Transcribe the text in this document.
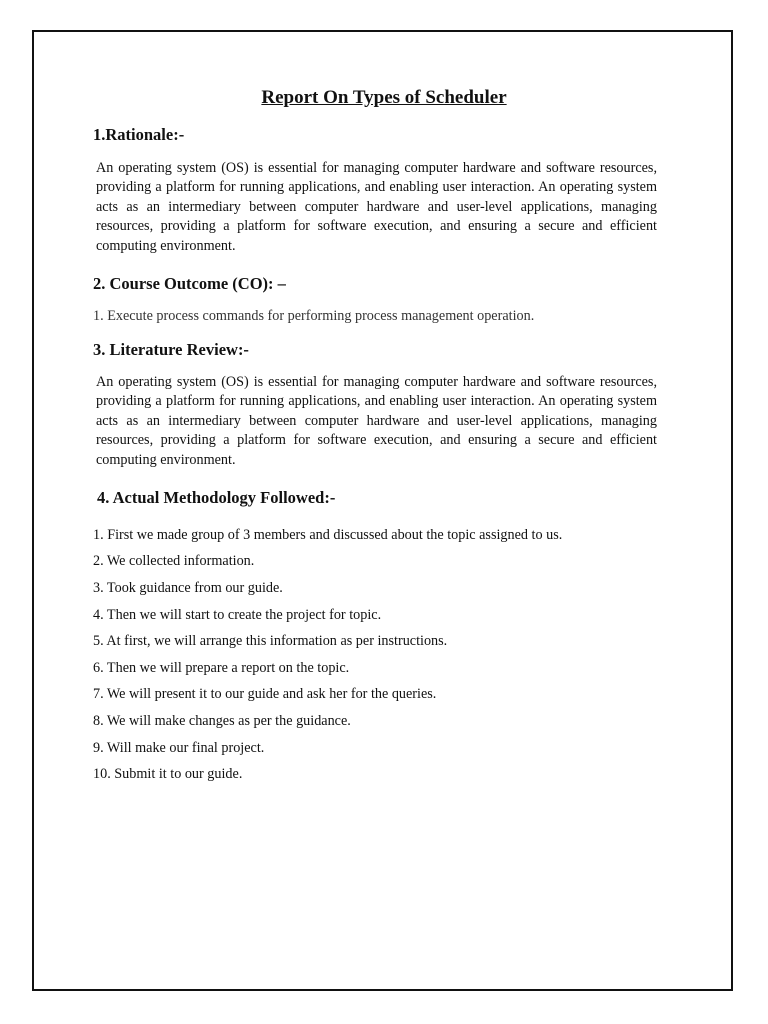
Report On Types of Scheduler
1.Rationale:-
An operating system (OS) is essential for managing computer hardware and software resources, providing a platform for running applications, and enabling user interaction. An operating system acts as an intermediary between computer hardware and user-level applications, managing resources, providing a platform for software execution, and ensuring a secure and efficient computing environment.
2. Course Outcome (CO): –
1. Execute process commands for performing process management operation.
3. Literature Review:-
An operating system (OS) is essential for managing computer hardware and software resources, providing a platform for running applications, and enabling user interaction. An operating system acts as an intermediary between computer hardware and user-level applications, managing resources, providing a platform for software execution, and ensuring a secure and efficient computing environment.
4. Actual Methodology Followed:-
1. First we made group of 3 members and discussed about the topic assigned to us.
2. We collected information.
3. Took guidance from our guide.
4. Then we will start to create the project for topic.
5. At first, we will arrange this information as per instructions.
6. Then we will prepare a report on the topic.
7. We will present it to our guide and ask her for the queries.
8. We will make changes as per the guidance.
9. Will make our final project.
10. Submit it to our guide.
